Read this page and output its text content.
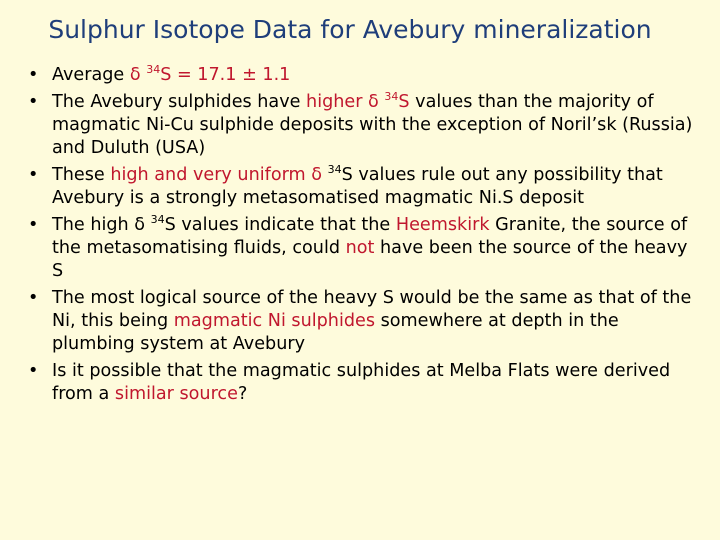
Sulphur Isotope Data for Avebury mineralization
• Average δ $^{34}$S = 17.1 ± 1.1
• The Avebury sulphides have higher δ $^{34}$S values than the majority of magmatic Ni-Cu sulphide deposits with the exception of Noril’sk (Russia) and Duluth (USA)
• These high and very uniform δ $^{34}$S values rule out any possibility that Avebury is a strongly metasomatised magmatic Ni.S deposit
• The high δ $^{34}$S values indicate that the Heemskirk Granite, the source of the metasomatising fluids, could not have been the source of the heavy S
• The most logical source of the heavy S would be the same as that of the Ni, this being magmatic Ni sulphides somewhere at depth in the plumbing system at Avebury
• Is it possible that the magmatic sulphides at Melba Flats were derived from a similar source?
